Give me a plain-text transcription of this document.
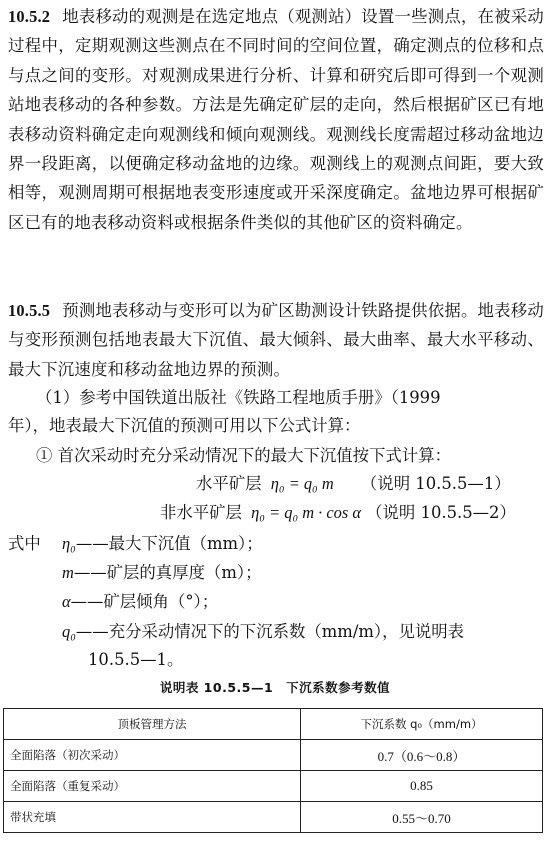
10.5.2 地表移动的观测是在选定地点（观测站）设置一些测点，在被采动过程中，定期观测这些测点在不同时间的空间位置，确定测点的位移和点与点之间的变形。对观测成果进行分析、计算和研究后即可得到一个观测站地表移动的各种参数。方法是先确定矿层的走向，然后根据矿区已有地表移动资料确定走向观测线和倾向观测线。观测线长度需超过移动盆地边界一段距离，以便确定移动盆地的边缘。观测线上的观测点间距，要大致相等，观测周期可根据地表变形速度或开采深度确定。盆地边界可根据矿区已有的地表移动资料或根据条件类似的其他矿区的资料确定。
10.5.5 预测地表移动与变形可以为矿区勘测设计铁路提供依据。地表移动与变形预测包括地表最大下沉值、最大倾斜、最大曲率、最大水平移动、最大下沉速度和移动盆地边界的预测。
（1）参考中国铁道出版社《铁路工程地质手册》（1999
年），地表最大下沉值的预测可用以下公式计算：
① 首次采动时充分采动情况下的最大下沉值按下式计算：
水平矿层 η₀ = q₀ m （说明 10.5.5—1）
非水平矿层 η₀ = q₀ m · cos α （说明 10.5.5—2）
式中 η₀——最大下沉值（mm）；
m——矿层的真厚度（m）；
α——矿层倾角（°）；
q₀——充分采动情况下的下沉系数（mm/m），见说明表
10.5.5—1。
说明表 10.5.5—1　下沉系数参考数值
顶板管理方法	下沉系数 q₀（mm/m）
全面陷落（初次采动）	0.7（0.6～0.8）
全面陷落（重复采动）	0.85
带状充填	0.55～0.70
